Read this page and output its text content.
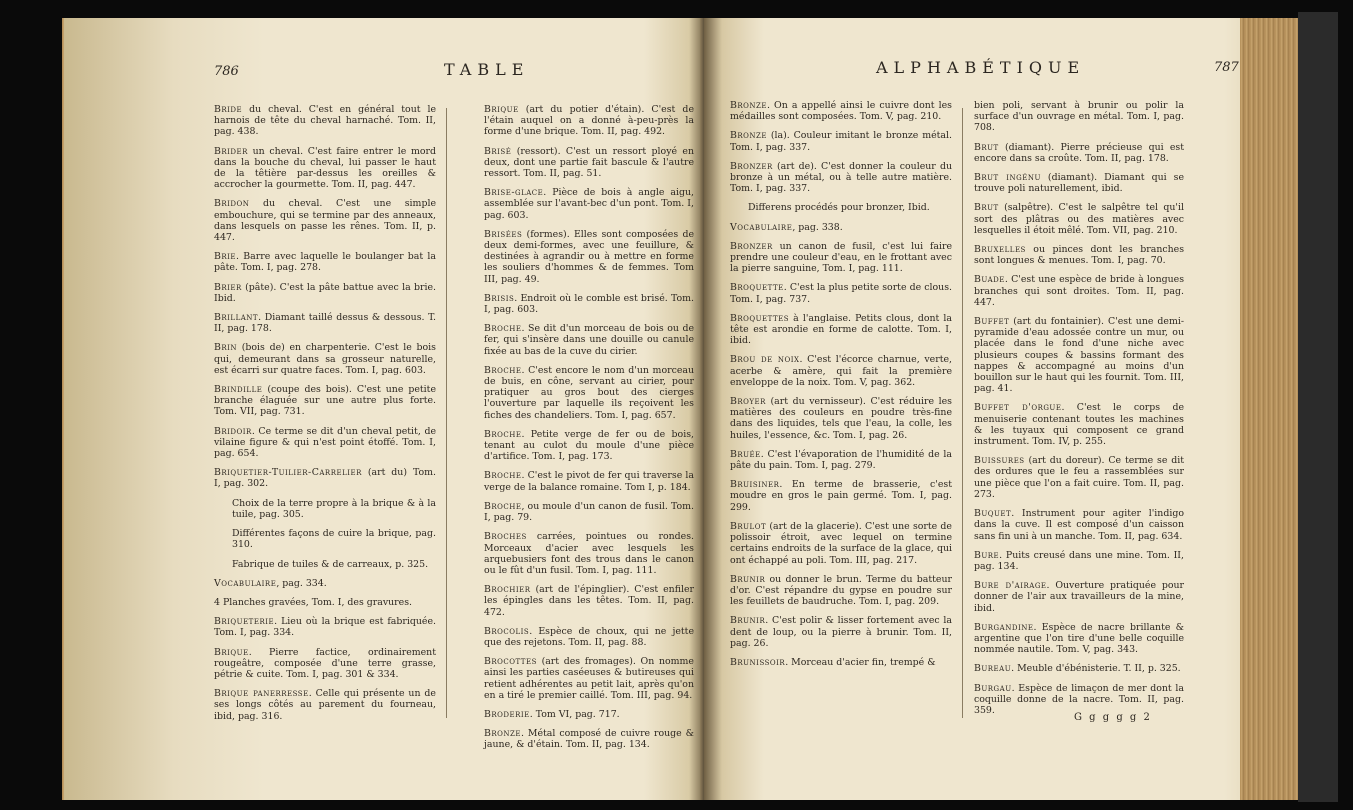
786	TABLE
Bride du cheval. C'est en général tout le harnois de tête du cheval harnaché. Tom. II, pag. 438.
Brider un cheval. C'est faire entrer le mord dans la bouche du cheval, lui passer le haut de la têtière par-dessus les oreilles & accrocher la gourmette. Tom. II, pag. 447.
Bridon du cheval. C'est une simple embouchure, qui se termine par des anneaux, dans lesquels on passe les rênes. Tom. II, p. 447.
Brie. Barre avec laquelle le boulanger bat la pâte. Tom. I, pag. 278.
Brier (pâte). C'est la pâte battue avec la brie. Ibid.
Brillant. Diamant taillé dessus & dessous. T. II, pag. 178.
Brin (bois de) en charpenterie. C'est le bois qui, demeurant dans sa grosseur naturelle, est écarri sur quatre faces. Tom. I, pag. 603.
Brindille (coupe des bois). C'est une petite branche élaguée sur une autre plus forte. Tom. VII, pag. 731.
Bridoir. Ce terme se dit d'un cheval petit, de vilaine figure & qui n'est point étoffé. Tom. I, pag. 654.
Briquetier-Tuilier-Carrelier (art du) Tom. I, pag. 302.
Choix de la terre propre à la brique & à la tuile, pag. 305.
Différentes façons de cuire la brique, pag. 310.
Fabrique de tuiles & de carreaux, p. 325.
Vocabulaire, pag. 334.
4 Planches gravées, Tom. I, des gravures.
Briqueterie. Lieu où la brique est fabriquée. Tom. I, pag. 334.
Brique. Pierre factice, ordinairement rougeâtre, composée d'une terre grasse, pétrie & cuite. Tom. I, pag. 301 & 334.
Brique panerresse. Celle qui présente un de ses longs côtés au parement du fourneau, ibid, pag. 316.
Brique (art du potier d'étain). C'est de l'étain auquel on a donné à-peu-près la forme d'une brique. Tom. II, pag. 492.
Brisé (ressort). C'est un ressort ployé en deux, dont une partie fait bascule & l'autre ressort. Tom. II, pag. 51.
Brise-glace. Pièce de bois à angle aigu, assemblée sur l'avant-bec d'un pont. Tom. I, pag. 603.
Brisées (formes). Elles sont composées de deux demi-formes, avec une feuillure, & destinées à agrandir ou à mettre en forme les souliers d'hommes & de femmes. Tom III, pag. 49.
Brisis. Endroit où le comble est brisé. Tom. I, pag. 603.
Broche. Se dit d'un morceau de bois ou de fer, qui s'insère dans une douille ou canule fixée au bas de la cuve du cirier.
Broche. C'est encore le nom d'un morceau de buis, en cône, servant au cirier, pour pratiquer au gros bout des cierges l'ouverture par laquelle ils reçoivent les fiches des chandeliers. Tom. I, pag. 657.
Broche. Petite verge de fer ou de bois, tenant au culot du moule d'une pièce d'artifice. Tom. I, pag. 173.
Broche. C'est le pivot de fer qui traverse la verge de la balance romaine. Tom I, p. 184.
Broche, ou moule d'un canon de fusil. Tom. I, pag. 79.
Broches carrées, pointues ou rondes. Morceaux d'acier avec lesquels les arquebusiers font des trous dans le canon ou le fût d'un fusil. Tom. I, pag. 111.
Brochier (art de l'épinglier). C'est enfiler les épingles dans les têtes. Tom. II, pag. 472.
Brocolis. Espèce de choux, qui ne jette que des rejetons. Tom. II, pag. 88.
Brocottes (art des fromages). On nomme ainsi les parties caséeuses & butireuses qui retient adhérentes au petit lait, après qu'on en a tiré le premier caillé. Tom. III, pag. 94.
Broderie. Tom VI, pag. 717.
Bronze. Métal composé de cuivre rouge & jaune, & d'étain. Tom. II, pag. 134.
ALPHABÉTIQUE	787
Bronze. On a appellé ainsi le cuivre dont les médailles sont composées. Tom. V, pag. 210.
Bronze (la). Couleur imitant le bronze métal. Tom. I, pag. 337.
Bronzer (art de). C'est donner la couleur du bronze à un métal, ou à telle autre matière. Tom. I, pag. 337.
Differens procédés pour bronzer, Ibid.
Vocabulaire, pag. 338.
Bronzer un canon de fusil, c'est lui faire prendre une couleur d'eau, en le frottant avec la pierre sanguine, Tom. I, pag. 111.
Broquette. C'est la plus petite sorte de clous. Tom. I, pag. 737.
Broquettes à l'anglaise. Petits clous, dont la tête est arondie en forme de calotte. Tom. I, ibid.
Brou de noix. C'est l'écorce charnue, verte, acerbe & amère, qui fait la première enveloppe de la noix. Tom. V, pag. 362.
Broyer (art du vernisseur). C'est réduire les matières des couleurs en poudre très-fine dans des liquides, tels que l'eau, la colle, les huiles, l'essence, &c. Tom. I, pag. 26.
Bruée. C'est l'évaporation de l'humidité de la pâte du pain. Tom. I, pag. 279.
Bruisiner. En terme de brasserie, c'est moudre en gros le pain germé. Tom. I, pag. 299.
Brulot (art de la glacerie). C'est une sorte de polissoir étroit, avec lequel on termine certains endroits de la surface de la glace, qui ont échappé au poli. Tom. III, pag. 217.
Brunir ou donner le brun. Terme du batteur d'or. C'est répandre du gypse en poudre sur les feuillets de baudruche. Tom. I, pag. 209.
Brunir. C'est polir & lisser fortement avec la dent de loup, ou la pierre à brunir. Tom. II, pag. 26.
Brunissoir. Morceau d'acier fin, trempé &
bien poli, servant à brunir ou polir la surface d'un ouvrage en métal. Tom. I, pag. 708.
Brut (diamant). Pierre précieuse qui est encore dans sa croûte. Tom. II, pag. 178.
Brut ingénu (diamant). Diamant qui se trouve poli naturellement, ibid.
Brut (salpêtre). C'est le salpêtre tel qu'il sort des plâtras ou des matières avec lesquelles il étoit mêlé. Tom. VII, pag. 210.
Bruxelles ou pinces dont les branches sont longues & menues. Tom. I, pag. 70.
Buade. C'est une espèce de bride à longues branches qui sont droites. Tom. II, pag. 447.
Buffet (art du fontainier). C'est une demi-pyramide d'eau adossée contre un mur, ou placée dans le fond d'une niche avec plusieurs coupes & bassins formant des nappes & accompagné au moins d'un bouillon sur le haut qui les fournit. Tom. III, pag. 41.
Buffet d'orgue. C'est le corps de menuiserie contenant toutes les machines & les tuyaux qui composent ce grand instrument. Tom. IV, p. 255.
Buissures (art du doreur). Ce terme se dit des ordures que le feu a rassemblées sur une pièce que l'on a fait cuire. Tom. II, pag. 273.
Buquet. Instrument pour agiter l'indigo dans la cuve. Il est composé d'un caisson sans fin uni à un manche. Tom. II, pag. 634.
Bure. Puits creusé dans une mine. Tom. II, pag. 134.
Bure d'airage. Ouverture pratiquée pour donner de l'air aux travailleurs de la mine, ibid.
Burgandine. Espèce de nacre brillante & argentine que l'on tire d'une belle coquille nommée nautile. Tom. V, pag. 343.
Bureau. Meuble d'ébénisterie. T. II, p. 325.
Burgau. Espèce de limaçon de mer dont la coquille donne de la nacre. Tom. II, pag. 359.
G g g g g 2
